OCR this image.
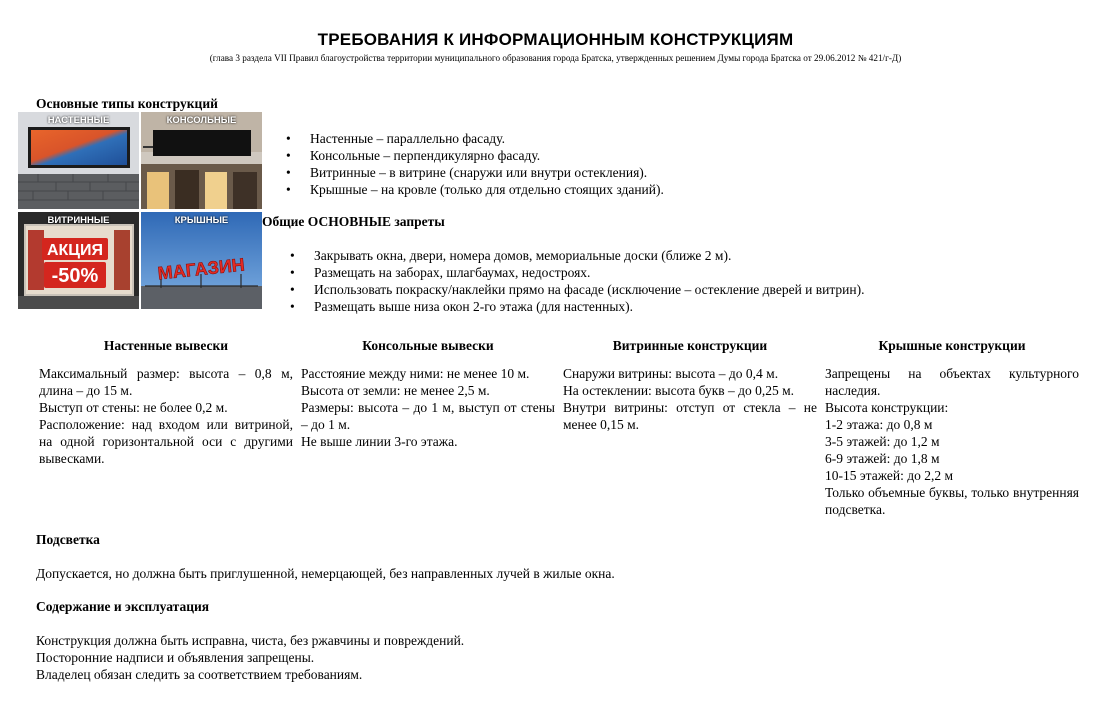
ТРЕБОВАНИЯ К ИНФОРМАЦИОННЫМ КОНСТРУКЦИЯМ
(глава 3 раздела VII Правил благоустройства территории муниципального образования города Братска, утвержденных решением Думы города Братска от 29.06.2012 № 421/г-Д)
Основные типы конструкций
НАСТЕННЫЕ	КОНСОЛЬНЫЕ
АКЦИЯ
-50%
ВИТРИННЫЕ
МАГАЗИН
КРЫШНЫЕ
• Настенные – параллельно фасаду.
• Консольные – перпендикулярно фасаду.
• Витринные – в витрине (снаружи или внутри остекления).
• Крышные – на кровле (только для отдельно стоящих зданий).
Общие ОСНОВНЫЕ запреты
• Закрывать окна, двери, номера домов, мемориальные доски (ближе 2 м).
• Размещать на заборах, шлагбаумах, недостроях.
• Использовать покраску/наклейки прямо на фасаде (исключение – остекление дверей и витрин).
• Размещать выше низа окон 2-го этажа (для настенных).
Настенные вывески

Максимальный размер: высота – 0,8 м, длина – до 15 м.

Выступ от стены: не более 0,2 м.

Расположение: над входом или витриной, на одной горизонтальной оси с другими вывесками.

Консольные вывески

Расстояние между ними: не менее 10 м.

Высота от земли: не менее 2,5 м.

Размеры: высота – до 1 м, выступ от стены – до 1 м.

Не выше линии 3-го этажа.

Витринные конструкции

Снаружи витрины: высота – до 0,4 м.

На остеклении: высота букв – до 0,25 м.

Внутри витрины: отступ от стекла – не менее 0,15 м.

Крышные конструкции

Запрещены на объектах культурного наследия.

Высота конструкции:

1-2 этажа: до 0,8 м

3-5 этажей: до 1,2 м

6-9 этажей: до 1,8 м

10-15 этажей: до 2,2 м

Только объемные буквы, только внутренняя подсветка.

Подсветка
Допускается, но должна быть приглушенной, немерцающей, без направленных лучей в жилые окна.
Содержание и эксплуатация
Конструкция должна быть исправна, чиста, без ржавчины и повреждений.
Посторонние надписи и объявления запрещены.
Владелец обязан следить за соответствием требованиям.
